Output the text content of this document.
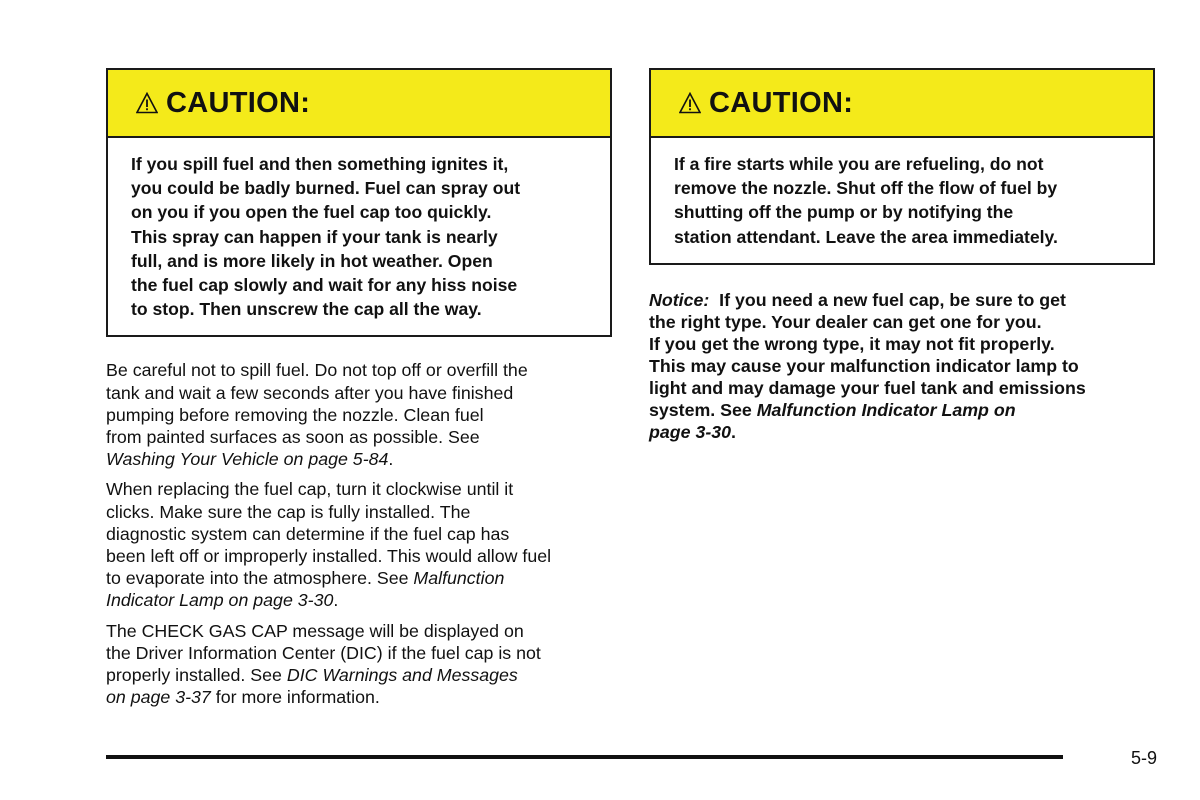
CAUTION:
If you spill fuel and then something ignites it,
you could be badly burned. Fuel can spray out
on you if you open the fuel cap too quickly.
This spray can happen if your tank is nearly
full, and is more likely in hot weather. Open
the fuel cap slowly and wait for any hiss noise
to stop. Then unscrew the cap all the way.
Be careful not to spill fuel. Do not top off or overfill the
tank and wait a few seconds after you have finished
pumping before removing the nozzle. Clean fuel
from painted surfaces as soon as possible. See
Washing Your Vehicle on page 5-84.
When replacing the fuel cap, turn it clockwise until it
clicks. Make sure the cap is fully installed. The
diagnostic system can determine if the fuel cap has
been left off or improperly installed. This would allow fuel
to evaporate into the atmosphere. See Malfunction
Indicator Lamp on page 3-30.
The CHECK GAS CAP message will be displayed on
the Driver Information Center (DIC) if the fuel cap is not
properly installed. See DIC Warnings and Messages
on page 3-37 for more information.
CAUTION:
If a fire starts while you are refueling, do not
remove the nozzle. Shut off the flow of fuel by
shutting off the pump or by notifying the
station attendant. Leave the area immediately.
Notice: If you need a new fuel cap, be sure to get
the right type. Your dealer can get one for you.
If you get the wrong type, it may not fit properly.
This may cause your malfunction indicator lamp to
light and may damage your fuel tank and emissions
system. See Malfunction Indicator Lamp on
page 3-30.
5-9
